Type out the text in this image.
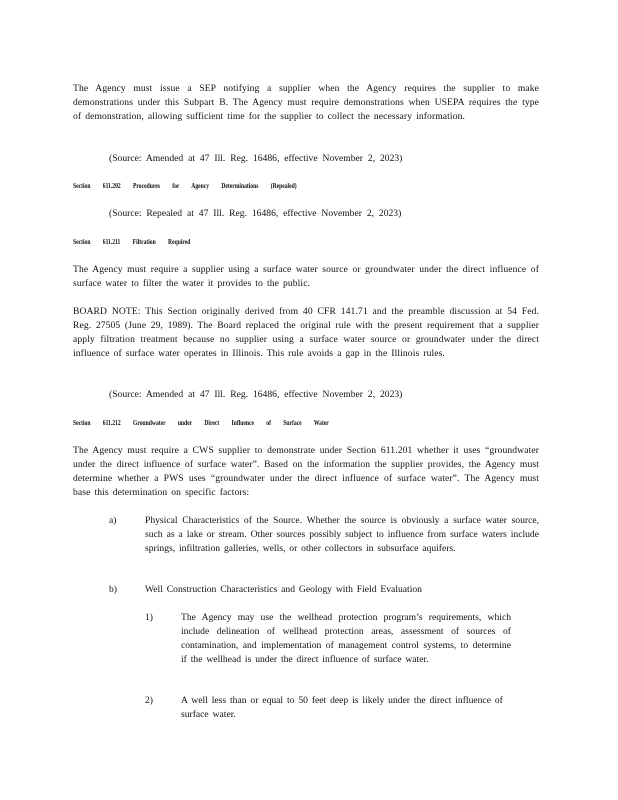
The Agency must issue a SEP notifying a supplier when the Agency requires the supplier to make demonstrations under this Subpart B. The Agency must require demonstrations when USEPA requires the type of demonstration, allowing sufficient time for the supplier to collect the necessary information.
(Source: Amended at 47 Ill. Reg. 16486, effective November 2, 2023)
Section 611.202 Procedures for Agency Determinations (Repealed)
(Source: Repealed at 47 Ill. Reg. 16486, effective November 2, 2023)
Section 611.211 Filtration Required
The Agency must require a supplier using a surface water source or groundwater under the direct influence of surface water to filter the water it provides to the public.
BOARD NOTE: This Section originally derived from 40 CFR 141.71 and the preamble discussion at 54 Fed. Reg. 27505 (June 29, 1989). The Board replaced the original rule with the present requirement that a supplier apply filtration treatment because no supplier using a surface water source or groundwater under the direct influence of surface water operates in Illinois. This rule avoids a gap in the Illinois rules.
(Source: Amended at 47 Ill. Reg. 16486, effective November 2, 2023)
Section 611.212 Groundwater under Direct Influence of Surface Water
The Agency must require a CWS supplier to demonstrate under Section 611.201 whether it uses “groundwater under the direct influence of surface water”. Based on the information the supplier provides, the Agency must determine whether a PWS uses “groundwater under the direct influence of surface water”. The Agency must base this determination on specific factors:
a)	Physical Characteristics of the Source. Whether the source is obviously a surface water source, such as a lake or stream. Other sources possibly subject to influence from surface waters include springs, infiltration galleries, wells, or other collectors in subsurface aquifers.
b)	Well Construction Characteristics and Geology with Field Evaluation
1)	The Agency may use the wellhead protection program’s requirements, which include delineation of wellhead protection areas, assessment of sources of contamination, and implementation of management control systems, to determine if the wellhead is under the direct influence of surface water.
2)	A well less than or equal to 50 feet deep is likely under the direct influence of surface water.
